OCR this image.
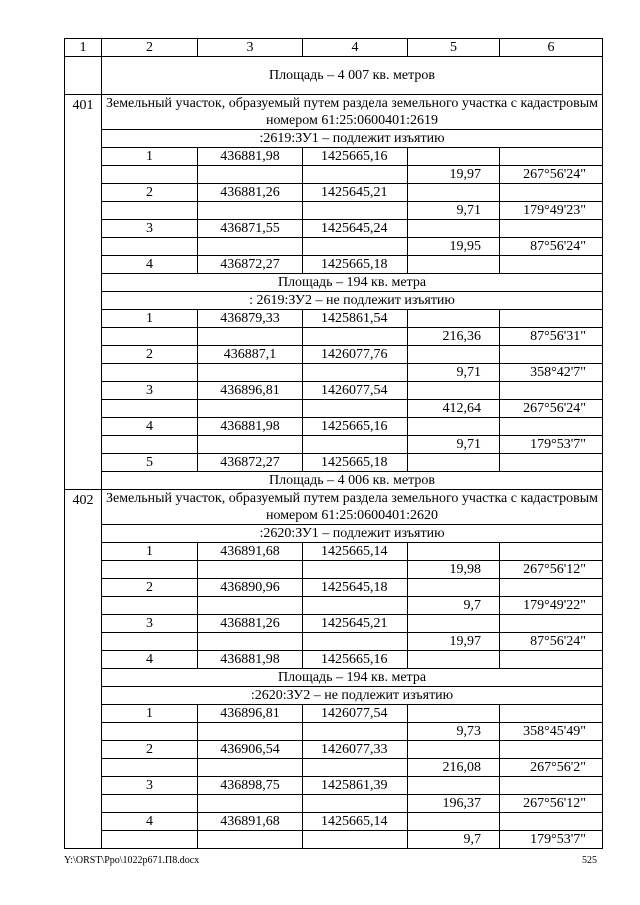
1	2	3	4	5	6
	Площадь – 4 007 кв. метров				
401	Земельный участок, образуемый путем раздела земельного участка с кадастровым номером 61:25:0600401:2619				
	:2619:ЗУ1 – подлежит изъятию				
	1	436881,98	1425665,16		
				19,97	267°56'24"
	2	436881,26	1425645,21		
				9,71	179°49'23"
	3	436871,55	1425645,24		
				19,95	87°56'24"
	4	436872,27	1425665,18		
	Площадь – 194 кв. метра				
	: 2619:ЗУ2 – не подлежит изъятию				
	1	436879,33	1425861,54		
				216,36	87°56'31"
	2	436887,1	1426077,76		
				9,71	358°42'7"
	3	436896,81	1426077,54		
				412,64	267°56'24"
	4	436881,98	1425665,16		
				9,71	179°53'7"
	5	436872,27	1425665,18		
	Площадь – 4 006 кв. метров				
402	Земельный участок, образуемый путем раздела земельного участка с кадастровым номером 61:25:0600401:2620				
	:2620:ЗУ1 – подлежит изъятию				
	1	436891,68	1425665,14		
				19,98	267°56'12"
	2	436890,96	1425645,18		
				9,7	179°49'22"
	3	436881,26	1425645,21		
				19,97	87°56'24"
	4	436881,98	1425665,16		
	Площадь – 194 кв. метра				
	:2620:ЗУ2 – не подлежит изъятию				
	1	436896,81	1426077,54		
				9,73	358°45'49"
	2	436906,54	1426077,33		
				216,08	267°56'2"
	3	436898,75	1425861,39		
				196,37	267°56'12"
	4	436891,68	1425665,14		
				9,7	179°53'7"
Y:\ORST\Ppo\1022p671.П8.docx	525
